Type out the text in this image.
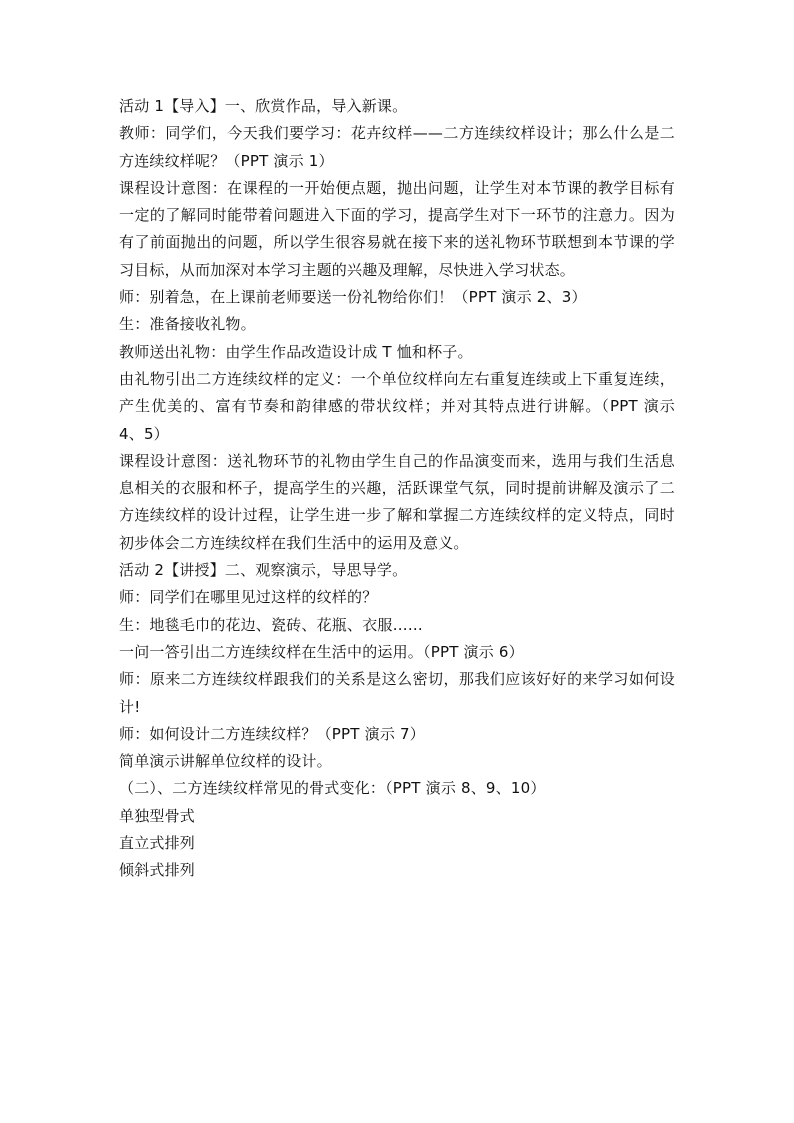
活动 1【导入】一、欣赏作品，导入新课。

教师：同学们，今天我们要学习：花卉纹样——二方连续纹样设计；那么什么是二方连续纹样呢？（PPT 演示 1）

课程设计意图：在课程的一开始便点题，抛出问题，让学生对本节课的教学目标有一定的了解同时能带着问题进入下面的学习，提高学生对下一环节的注意力。因为有了前面抛出的问题，所以学生很容易就在接下来的送礼物环节联想到本节课的学习目标，从而加深对本学习主题的兴趣及理解，尽快进入学习状态。

师：别着急，在上课前老师要送一份礼物给你们！（PPT 演示 2、3）

生：准备接收礼物。

教师送出礼物：由学生作品改造设计成 T 恤和杯子。

由礼物引出二方连续纹样的定义：一个单位纹样向左右重复连续或上下重复连续，产生优美的、富有节奏和韵律感的带状纹样；并对其特点进行讲解。（PPT 演示 4、5）

课程设计意图：送礼物环节的礼物由学生自己的作品演变而来，选用与我们生活息息相关的衣服和杯子，提高学生的兴趣，活跃课堂气氛，同时提前讲解及演示了二方连续纹样的设计过程，让学生进一步了解和掌握二方连续纹样的定义特点，同时初步体会二方连续纹样在我们生活中的运用及意义。

活动 2【讲授】二、观察演示，导思导学。

师：同学们在哪里见过这样的纹样的？

生：地毯毛巾的花边、瓷砖、花瓶、衣服……

一问一答引出二方连续纹样在生活中的运用。（PPT 演示 6）

师：原来二方连续纹样跟我们的关系是这么密切，那我们应该好好的来学习如何设计!

师：如何设计二方连续纹样？（PPT 演示 7）

简单演示讲解单位纹样的设计。

（二）、二方连续纹样常见的骨式变化：（PPT 演示 8、9、10）

单独型骨式

直立式排列

倾斜式排列
